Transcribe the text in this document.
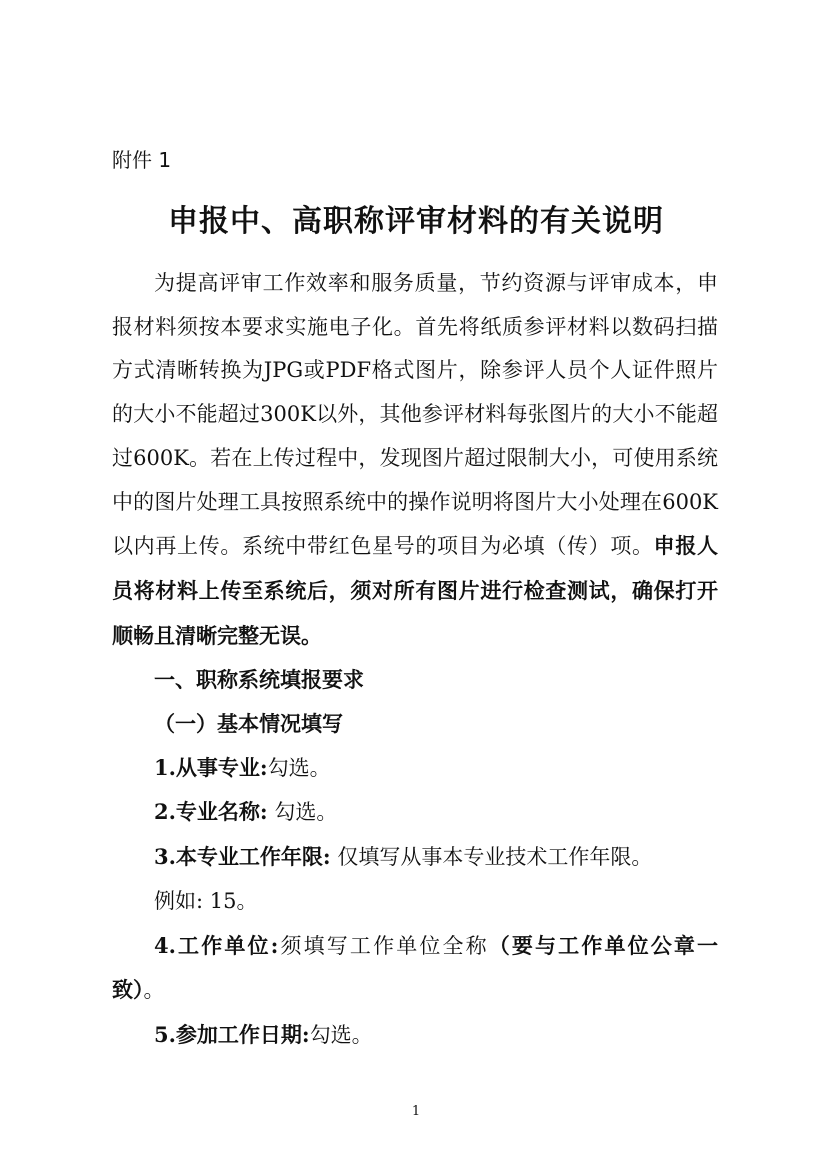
附件 1
申报中、高职称评审材料的有关说明

为提高评审工作效率和服务质量，节约资源与评审成本，申报材料须按本要求实施电子化。首先将纸质参评材料以数码扫描方式清晰转换为JPG或PDF格式图片，除参评人员个人证件照片的大小不能超过300K以外，其他参评材料每张图片的大小不能超过600K。若在上传过程中，发现图片超过限制大小，可使用系统中的图片处理工具按照系统中的操作说明将图片大小处理在600K以内再上传。系统中带红色星号的项目为必填（传）项。申报人员将材料上传至系统后，须对所有图片进行检查测试，确保打开顺畅且清晰完整无误。

一、职称系统填报要求

（一）基本情况填写

1.从事专业:勾选。

2.专业名称: 勾选。

3.本专业工作年限: 仅填写从事本专业技术工作年限。

例如: 15。

4.工作单位:须填写工作单位全称（要与工作单位公章一致）。

5.参加工作日期:勾选。

1
